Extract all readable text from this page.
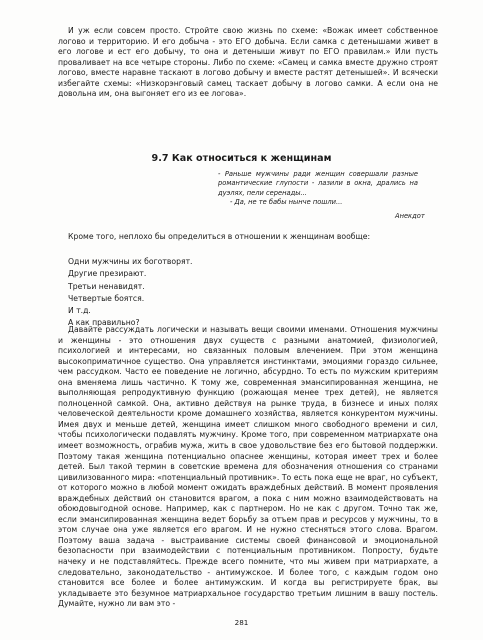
И уж если совсем просто. Стройте свою жизнь по схеме: «Вожак имеет собственное логово и территорию. И его добыча - это ЕГО добыча. Если самка с детенышами живет в его логове и ест его добычу, то она и детеныши живут по ЕГО правилам.» Или пусть проваливает на все четыре стороны. Либо по схеме: «Самец и самка вместе дружно строят логово, вместе наравне таскают в логово добычу и вместе растят детенышей». И всячески избегайте схемы: «Низкорэнговый самец таскает добычу в логово самки. А если она не довольна им, она выгоняет его из ее логова».
9.7 Как относиться к женщинам

- Раньше мужчины ради женщин совершали разные романтические глупости - лазили в окна, дрались на дуэлях, пели серенады...

- Да, не те бабы нынче пошли...

Анекдот
Кроме того, неплохо бы определиться в отношении к женщинам вообще:
Одни мужчины их боготворят.
Другие презирают.
Третьи ненавидят.
Четвертые боятся.
И т.д.
А как правильно?
Давайте рассуждать логически и называть вещи своими именами. Отношения мужчины и женщины - это отношения двух существ с разными анатомией, физиологией, психологией и интересами, но связанных половым влечением. При этом женщина высокоприматичное существо. Она управляется инстинктами, эмоциями гораздо сильнее, чем рассудком. Часто ее поведение не логично, абсурдно. То есть по мужским критериям она вменяема лишь частично. К тому же, современная эмансипированная женщина, не выполняющая репродуктивную функцию (рожающая менее трех детей), не является полноценной самкой. Она, активно действуя на рынке труда, в бизнесе и иных полях человеческой деятельности кроме домашнего хозяйства, является конкурентом мужчины. Имея двух и меньше детей, женщина имеет слишком много свободного времени и сил, чтобы психологически подавлять мужчину. Кроме того, при современном матриархате она имеет возможность, ограбив мужа, жить в свое удовольствие без его бытовой поддержки. Поэтому такая женщина потенциально опаснее женщины, которая имеет трех и более детей. Был такой термин в советские времена для обозначения отношения со странами цивилизованного мира: «потенциальный противник». То есть пока еще не враг, но субъект, от которого можно в любой момент ожидать враждебных действий. В момент проявления враждебных действий он становится врагом, а пока с ним можно взаимодействовать на обоюдовыгодной основе. Например, как с партнером. Но не как с другом. Точно так же, если эмансипированная женщина ведет борьбу за отъем прав и ресурсов у мужчины, то в этом случае она уже является его врагом. И не нужно стесняться этого слова. Врагом. Поэтому ваша задача - выстраивание системы своей финансовой и эмоциональной безопасности при взаимодействии с потенциальным противником. Попросту, будьте начеку и не подставляйтесь. Прежде всего помните, что мы живем при матриархате, а следовательно, законодательство - антимужское. И более того, с каждым годом оно становится все более и более антимужским. И когда вы регистрируете брак, вы укладываете это безумное матриархальное государство третьим лишним в вашу постель. Думайте, нужно ли вам это -
281
